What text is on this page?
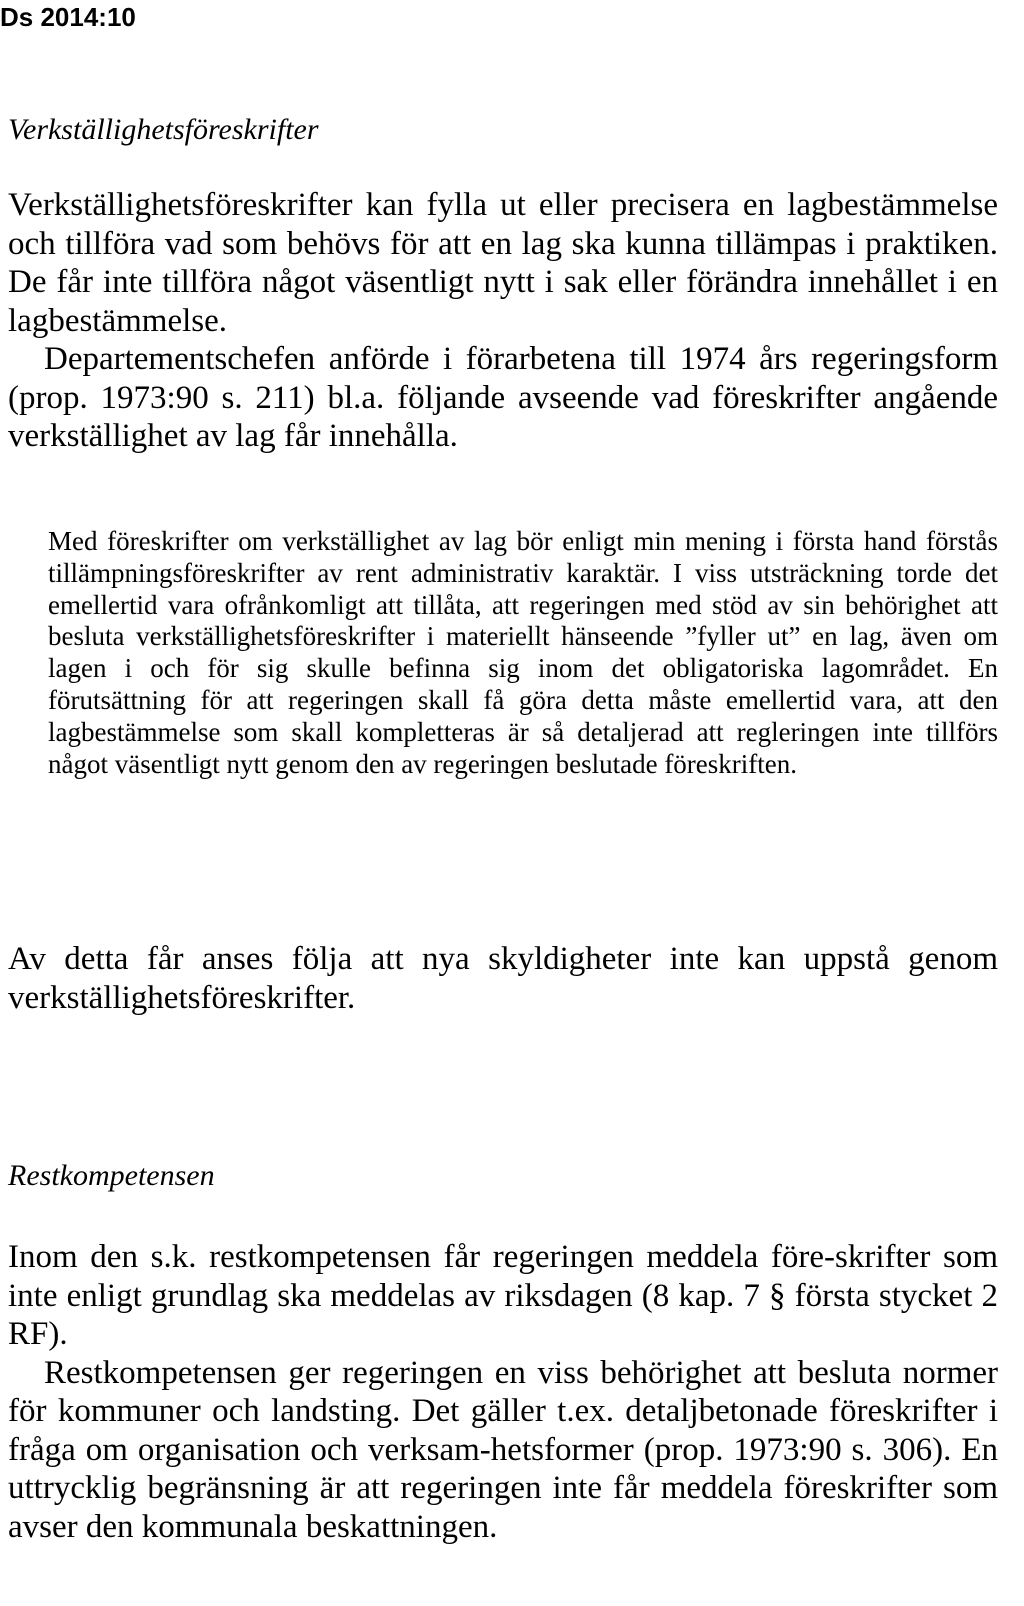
Ds 2014:10
Verkställighetsföreskrifter

Verkställighetsföreskrifter kan fylla ut eller precisera en lagbestämmelse och tillföra vad som behövs för att en lag ska kunna tillämpas i praktiken. De får inte tillföra något väsentligt nytt i sak eller förändra innehållet i en lagbestämmelse.

Departementschefen anförde i förarbetena till 1974 års regeringsform (prop. 1973:90 s. 211) bl.a. följande avseende vad föreskrifter angående verkställighet av lag får innehålla.

Med föreskrifter om verkställighet av lag bör enligt min mening i första hand förstås tillämpningsföreskrifter av rent administrativ karaktär. I viss utsträckning torde det emellertid vara ofrånkomligt att tillåta, att regeringen med stöd av sin behörighet att besluta verkställighetsföreskrifter i materiellt hänseende ”fyller ut” en lag, även om lagen i och för sig skulle befinna sig inom det obligatoriska lagområdet. En förutsättning för att regeringen skall få göra detta måste emellertid vara, att den lagbestämmelse som skall kompletteras är så detaljerad att regleringen inte tillförs något väsentligt nytt genom den av regeringen beslutade föreskriften.

Av detta får anses följa att nya skyldigheter inte kan uppstå genom verkställighetsföreskrifter.

Restkompetensen

Inom den s.k. restkompetensen får regeringen meddela före-skrifter som inte enligt grundlag ska meddelas av riksdagen (8 kap. 7 § första stycket 2 RF).

Restkompetensen ger regeringen en viss behörighet att besluta normer för kommuner och landsting. Det gäller t.ex. detaljbetonade föreskrifter i fråga om organisation och verksam-hetsformer (prop. 1973:90 s. 306). En uttrycklig begränsning är att regeringen inte får meddela föreskrifter som avser den kommunala beskattningen.
